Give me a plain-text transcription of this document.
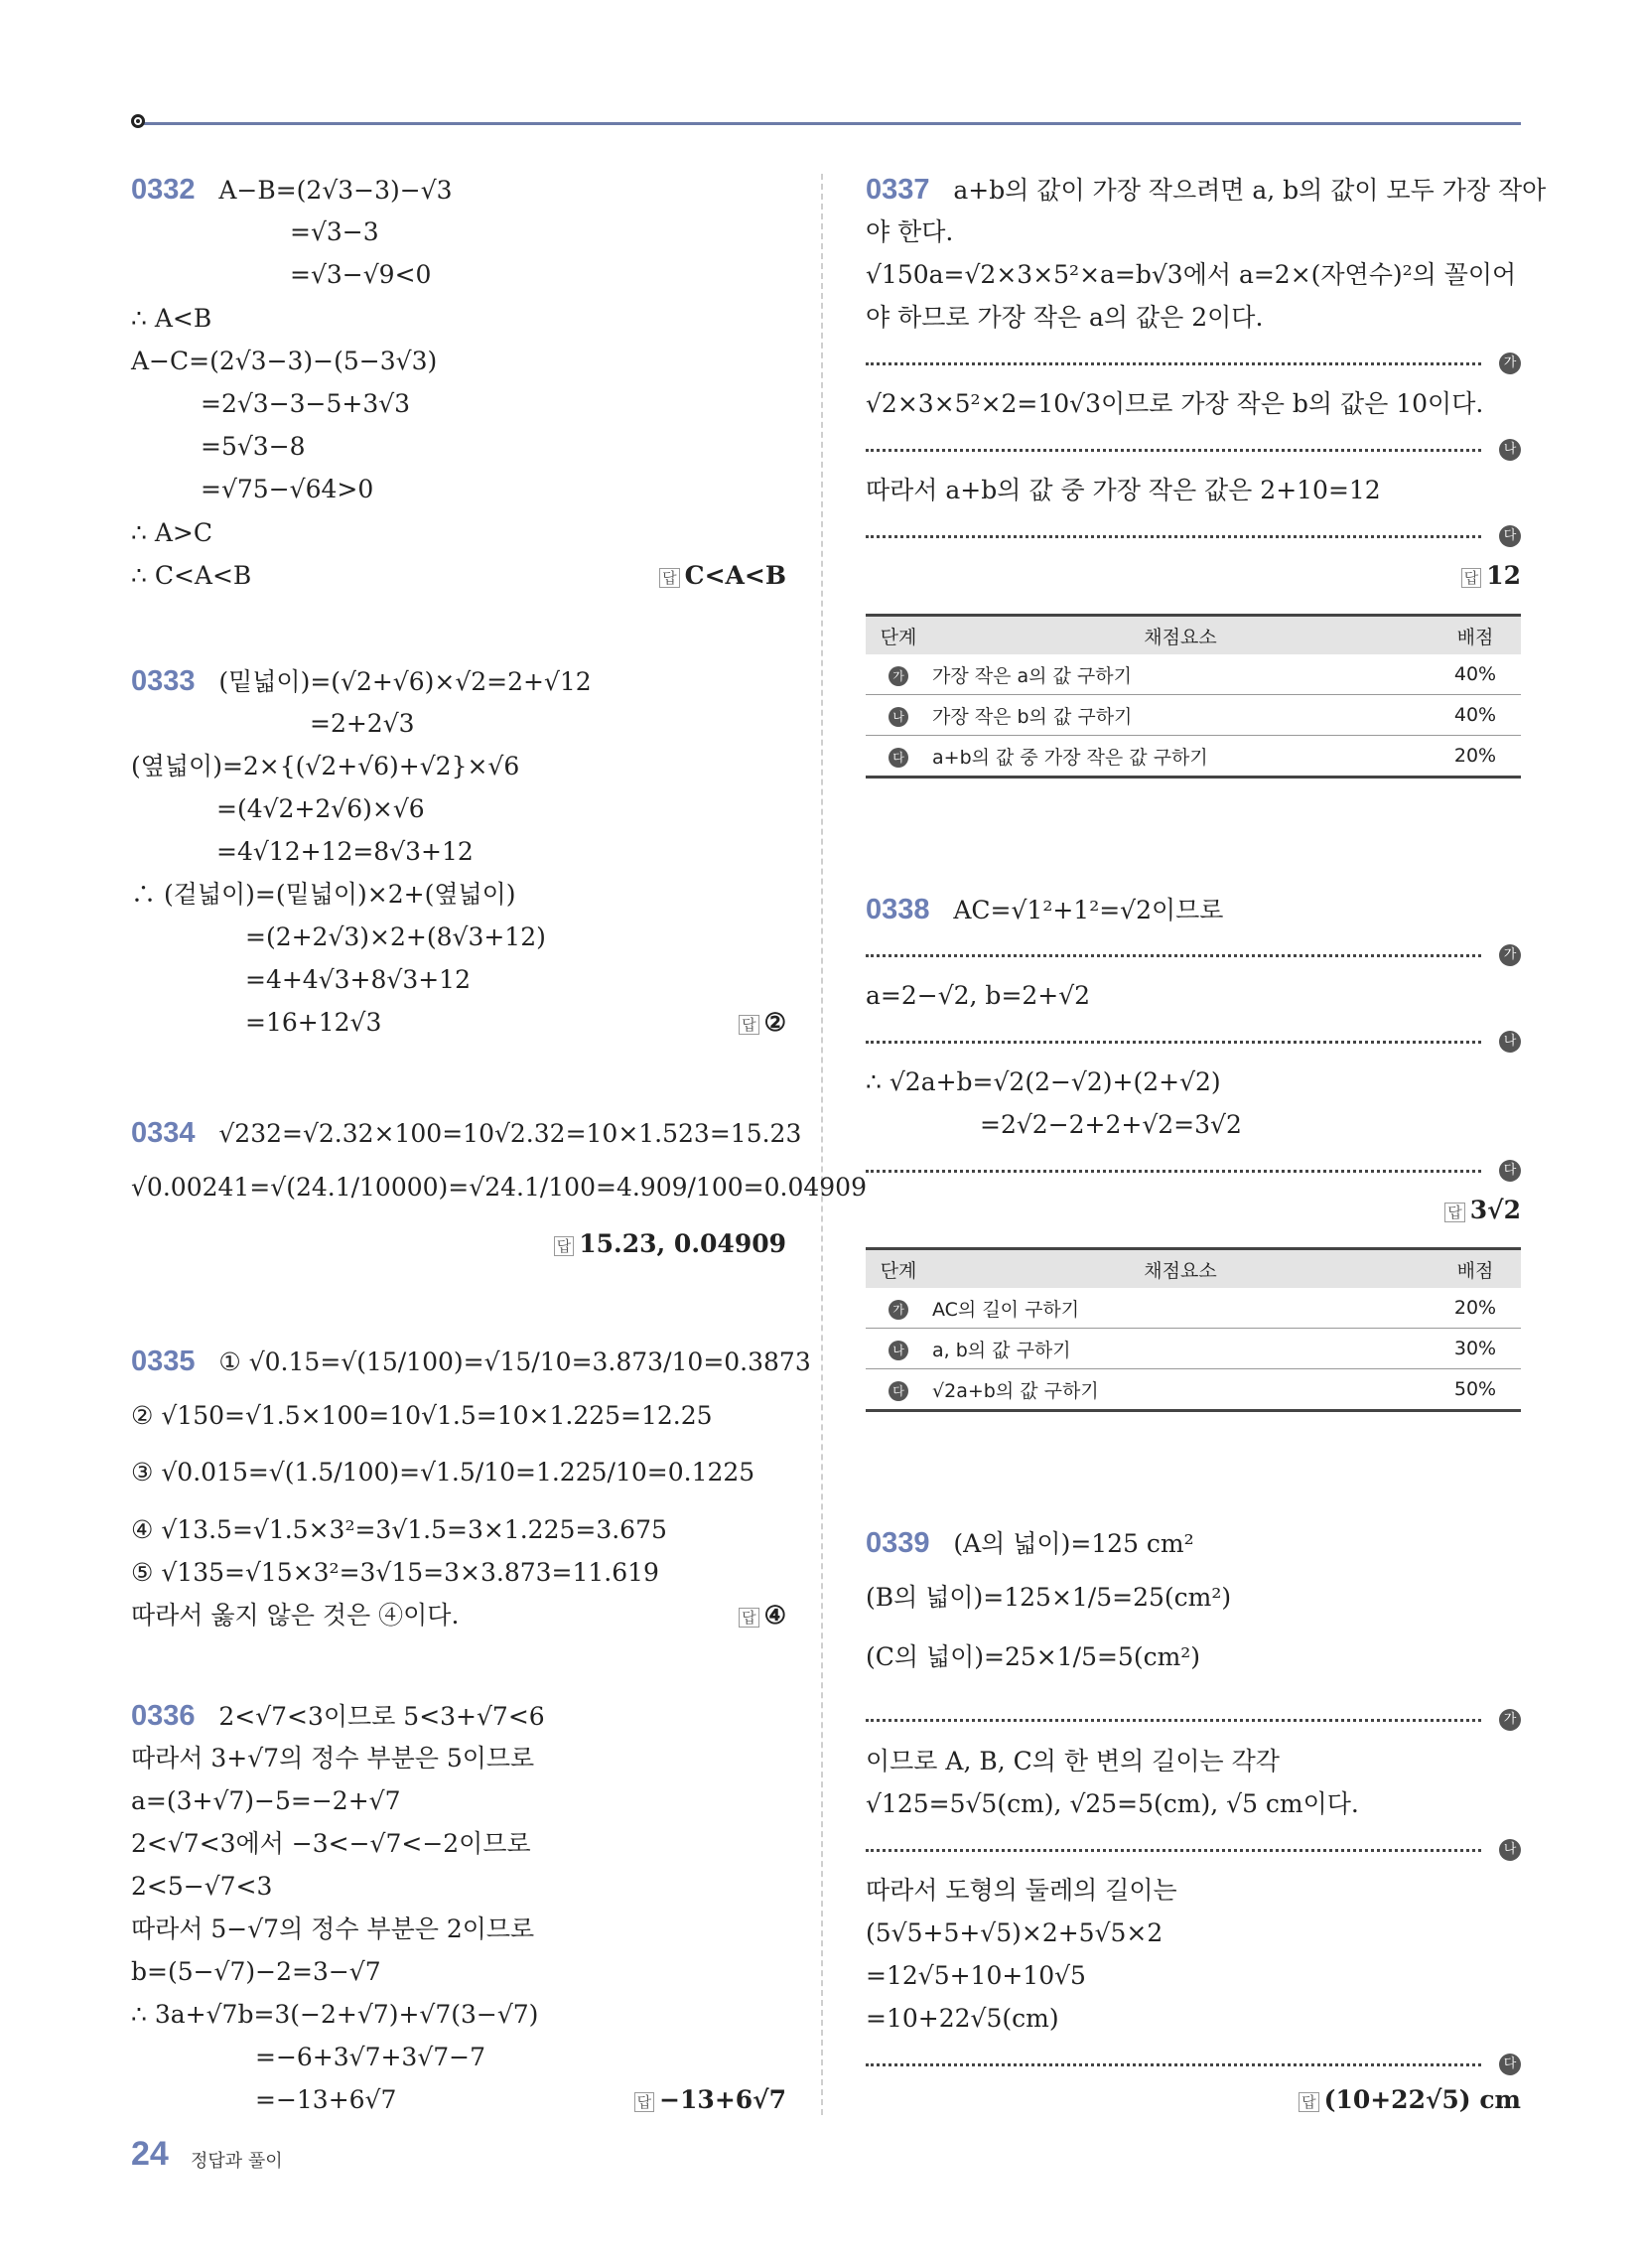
0332 A−B=(2√3−3)−√3
=√3−3
=√3−√9<0
∴ A<B
A−C=(2√3−3)−(5−3√3)
=2√3−3−5+3√3
=5√3−8
=√75−√64>0
∴ A>C
∴ C<A<B	답 C<A<B
0333 (밑넓이)=(√2+√6)×√2=2+√12
=2+2√3
(옆넓이)=2×{(√2+√6)+√2}×√6
=(4√2+2√6)×√6
=4√12+12=8√3+12
∴ (겉넓이)=(밑넓이)×2+(옆넓이)
=(2+2√3)×2+(8√3+12)
=4+4√3+8√3+12
=16+12√3	답 ②
0334 √232=√2.32×100=10√2.32=10×1.523=15.23
√0.00241=√(24.1/10000)=√24.1/100=4.909/100=0.04909
답 15.23, 0.04909
0335 ① √0.15=√(15/100)=√15/10=3.873/10=0.3873
② √150=√1.5×100=10√1.5=10×1.225=12.25
③ √0.015=√(1.5/100)=√1.5/10=1.225/10=0.1225
④ √13.5=√1.5×3²=3√1.5=3×1.225=3.675
⑤ √135=√15×3²=3√15=3×3.873=11.619
따라서 옳지 않은 것은 ④이다.	답 ④
0336 2<√7<3이므로 5<3+√7<6
따라서 3+√7의 정수 부분은 5이므로
a=(3+√7)−5=−2+√7
2<√7<3에서 −3<−√7<−2이므로
2<5−√7<3
따라서 5−√7의 정수 부분은 2이므로
b=(5−√7)−2=3−√7
∴ 3a+√7b=3(−2+√7)+√7(3−√7)
=−6+3√7+3√7−7
=−13+6√7	답 −13+6√7
0337 a+b의 값이 가장 작으려면 a, b의 값이 모두 가장 작아
야 한다.
√150a=√2×3×5²×a=b√3에서 a=2×(자연수)²의 꼴이어
야 하므로 가장 작은 a의 값은 2이다.
가
√2×3×5²×2=10√3이므로 가장 작은 b의 값은 10이다.
나
따라서 a+b의 값 중 가장 작은 값은 2+10=12
다
답 12
단계	채점요소	배점
가	가장 작은 a의 값 구하기	40%
나	가장 작은 b의 값 구하기	40%
다	a+b의 값 중 가장 작은 값 구하기	20%
0338 AC=√1²+1²=√2이므로
가
a=2−√2, b=2+√2
나
∴ √2a+b=√2(2−√2)+(2+√2)
=2√2−2+2+√2=3√2
다
답 3√2
단계	채점요소	배점
가	AC의 길이 구하기	20%
나	a, b의 값 구하기	30%
다	√2a+b의 값 구하기	50%
0339 (A의 넓이)=125 cm²
(B의 넓이)=125×1/5=25(cm²)
(C의 넓이)=25×1/5=5(cm²)
가
이므로 A, B, C의 한 변의 길이는 각각
√125=5√5(cm), √25=5(cm), √5 cm이다.
나
따라서 도형의 둘레의 길이는
(5√5+5+√5)×2+5√5×2
=12√5+10+10√5
=10+22√5(cm)
다
답 (10+22√5) cm
24 정답과 풀이
